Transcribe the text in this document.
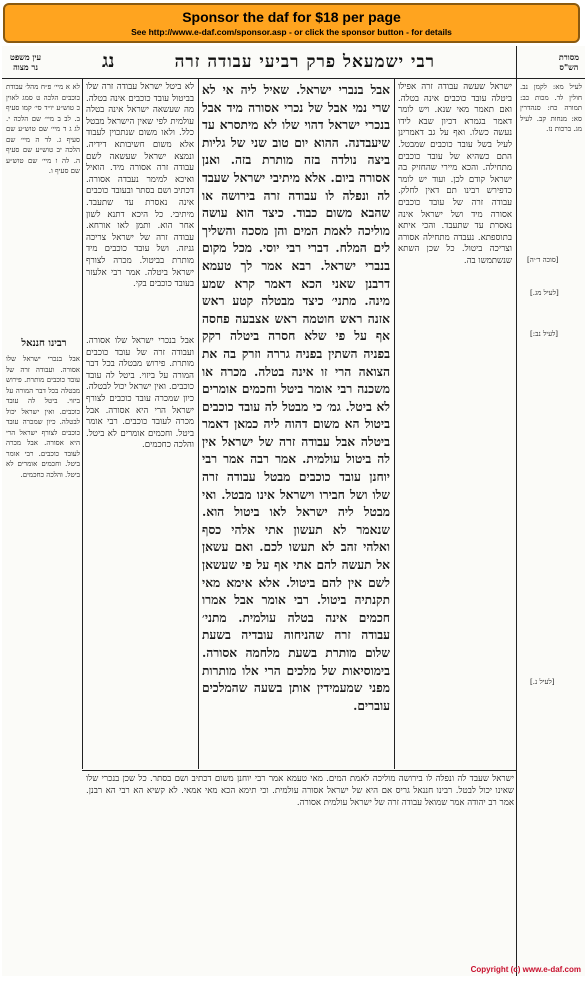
Sponsor the daf for $18 per page
See http://www.e-daf.com/sponsor.asp - or click the sponsor button - for details
מסורת
הש"ס
רבי ישמעאל פרק רביעי עבודה זרה
נג
עין משפט
נר מצוה
לעיל מא: לקמן נב. חולין לד. מכות כב: תמורה כח: סנהדרין סא: מנחות קב. לעיל מג. ברכות נז.
ישראל שעשה עבודה זרה אפילו ביטלה עובד כוכבים אינה בטלה. ואם תאמר מאי שנא. ויש לומר דאמר בגמרא דכיון שבא לידו נעשה כשלו. ואף על גב דאמרינן לעיל בשל עובד כוכבים שמבטל. התם כשהיא של עובד כוכבים מתחילה. והכא מיירי שהחזיק בה ישראל קודם לכן. ועוד יש לומר כדפירש רבינו תם דאין לחלק. עבודה זרה של עובד כוכבים אסורה מיד ושל ישראל אינה נאסרת עד שתעבד. והכי איתא בתוספתא. נעבדה מתחילה אסורה וצריכה ביטול. כל שכן השתא שנשתמשו בה.
אבל בנברי ישראל. שאיל ליה אי לא שרי נמי אבל של נכרי אסורה מיד אבל בנכרי ישראל דהוי שלו לא מיתסרא עד שיעבדנה. ההוא יום טוב שני של גליות ביצה נולדה בזה מותרת בזה. ואנן אסורה ביום. אלא מיתיבי ישראל שעבד לה ונפלה לו עבודה זרה בירושה או שהבא משום כבוד. כיצד הוא עושה מוליכה לאמת המים והן מסכה והשליך לים המלח. דברי רבי יוסי. מכל מקום בנברי ישראל. רבא אמר לך טעמא דרבנן שאני הכא דאמר קרא שמע מינה. מתני׳ כיצד מבטלה קטע ראש אזנה ראש חוטמה ראש אצבעה פחסה אף על פי שלא חסרה ביטלה רקק בפניה השתין בפניה גררה וזרק בה את הצואה הרי זו אינה בטלה. מכרה או משכנה רבי אומר ביטל וחכמים אומרים לא ביטל. גמ׳ כי מבטל לה עובד כוכבים ביטול הא משום דהוה ליה כמאן דאמר ביטלה אבל עבודה זרה של ישראל אין לה ביטול עולמית. אמר רבה אמר רבי יוחנן עובד כוכבים מבטל עבודה זרה שלו ושל חבירו וישראל אינו מבטל. ואי מבטל ליה ישראל לאו ביטול הוא. שנאמר לא תעשון אתי אלהי כסף ואלהי זהב לא תעשו לכם. ואם עשאן אל תעשה להם אתי אף על פי שעשאן לשם אין להם ביטול. אלא אימא מאי תקנתיה ביטול. רבי אומר אבל אמרו חכמים אינה בטלה עולמית. מתני׳ עבודה זרה שהניחוה עובדיה בשעת שלום מותרת בשעת מלחמה אסורה. בימוסיאות של מלכים הרי אלו מותרות מפני שמעמידין אותן בשעה שהמלכים עוברים.
לא ביטל ישראל עבודה זרה שלו בביטול עובד כוכבים אינה בטלה. מה שעשאה ישראל אינה בטלה עולמית לפי שאין הישראל מבטל כלל. ולאו משום שנתכוין לעבוד אלא משום חשיבותא דידיה. ונמצא ישראל שעשאה לשם עבודה זרה אסורה מיד. הואיל ואיכא למימר נעבדה אסורה. דכתיב ושם בסתר ובעובד כוכבים אינה נאסרת עד שתעבד. מיתיבי. כל היכא דתנא לשון אחר הוא. ותמן לאו אורחא. עבודה זרה של ישראל צריכה גניזה. ושל עובד כוכבים מיד מותרת בביטול. מכרה לצורף ישראל ביטלה. אמר רבי אלעזר בעובד כוכבים בקי.
רבינו חננאל	אבל בנכרי ישראל שלו אסורה. ועבודה זרה של עובד כוכבים מותרת. פירוש מבטלה בכל דבר המורה על ביזוי. ביטל לה עובד כוכבים. ואין ישראל יכול לבטלה. כיון שמכרה עובד כוכבים לצורף ישראל הרי היא אסורה. אבל מכרה לעובד כוכבים. רבי אומר ביטל. וחכמים אומרים לא ביטל. והלכה כחכמים.
לא א מיי׳ פ״ח מהל׳ עבודת כוכבים הלכה ט סמג לאוין כ טוש״ע יו״ד סי׳ קמו סעיף ב. לב ב מיי׳ שם הלכה י. לג ג ד מיי׳ שם טוש״ע שם סעיף ג. לד ה מיי׳ שם הלכה יב טוש״ע שם סעיף ה. לה ו מיי׳ שם טוש״ע שם סעיף ו.
אבל בנכרי ישראל שלו אסורה. ועבודה זרה של עובד כוכבים מותרת. פירוש מבטלה בכל דבר המורה על ביזוי. ביטל לה עובד כוכבים. ואין ישראל יכול לבטלה. כיון שמכרה עובד כוכבים לצורף ישראל הרי היא אסורה. אבל מכרה לעובד כוכבים. רבי אומר ביטל. וחכמים אומרים לא ביטל. והלכה כחכמים.
ישראל שעבד לה ונפלה לו בירושה מוליכה לאמת המים. מאי טעמא אמר רבי יוחנן משום דכתיב ושם בסתר. כל שכן בנכרי שלו שאינו יכול לבטל. רבינו חננאל גריס אם היא של ישראל אסורה עולמית. וכי תימא הכא מאי אמאי. לא קשיא הא רבי הא רבנן. אמר רב יהודה אמר שמואל עבודה זרה של ישראל עולמית אסורה.
[סוכה ד׳׳ה]
[לעיל מג.]
[לעיל נב:]
[לעיל נ.]
Copyright (c) www.e-daf.com
